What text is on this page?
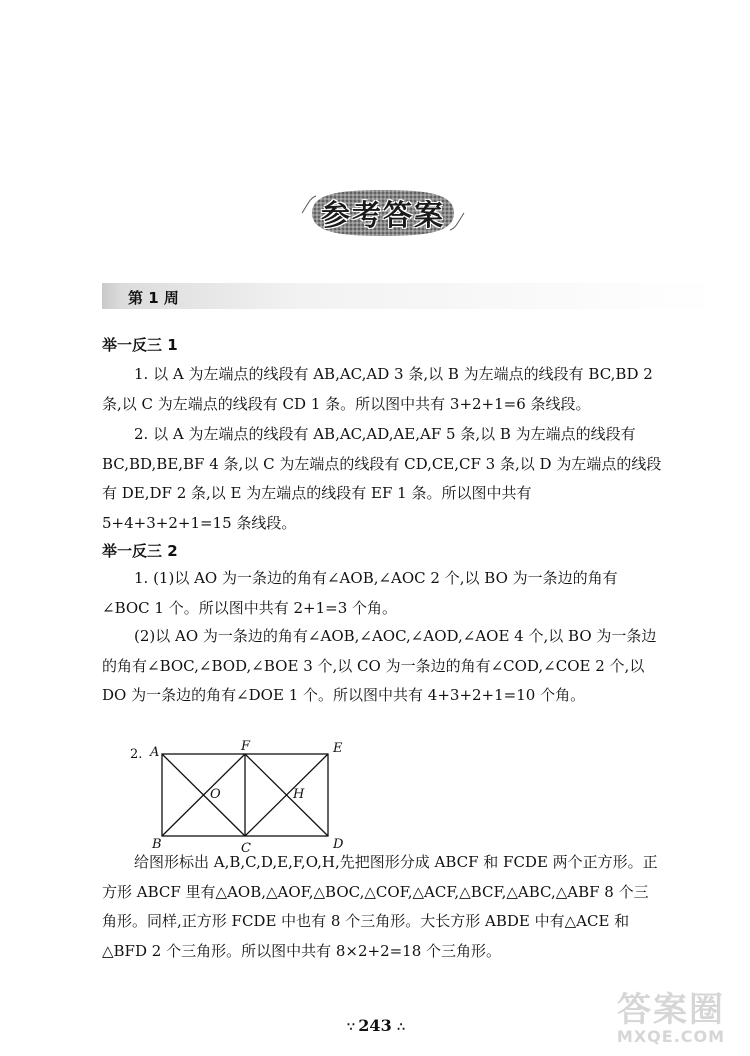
参考答案
第 1 周
举一反三 1
1. 以 A 为左端点的线段有 AB,AC,AD 3 条,以 B 为左端点的线段有 BC,BD 2 条,以 C 为左端点的线段有 CD 1 条。所以图中共有 3+2+1=6 条线段。
2. 以 A 为左端点的线段有 AB,AC,AD,AE,AF 5 条,以 B 为左端点的线段有 BC,BD,BE,BF 4 条,以 C 为左端点的线段有 CD,CE,CF 3 条,以 D 为左端点的线段有 DE,DF 2 条,以 E 为左端点的线段有 EF 1 条。所以图中共有 5+4+3+2+1=15 条线段。
举一反三 2
1. (1)以 AO 为一条边的角有∠AOB,∠AOC 2 个,以 BO 为一条边的角有∠BOC 1 个。所以图中共有 2+1=3 个角。
(2)以 AO 为一条边的角有∠AOB,∠AOC,∠AOD,∠AOE 4 个,以 BO 为一条边的角有∠BOC,∠BOD,∠BOE 3 个,以 CO 为一条边的角有∠COD,∠COE 2 个,以 DO 为一条边的角有∠DOE 1 个。所以图中共有 4+3+2+1=10 个角。
2. A	F	E
O	H
B	C	D
给图形标出 A,B,C,D,E,F,O,H,先把图形分成 ABCF 和 FCDE 两个正方形。正方形 ABCF 里有△AOB,△AOF,△BOC,△COF,△ACF,△BCF,△ABC,△ABF 8 个三角形。同样,正方形 FCDE 中也有 8 个三角形。大长方形 ABDE 中有△ACE 和△BFD 2 个三角形。所以图中共有 8×2+2=18 个三角形。
∵ 243 ∴	答案圈
MXQE.COM
